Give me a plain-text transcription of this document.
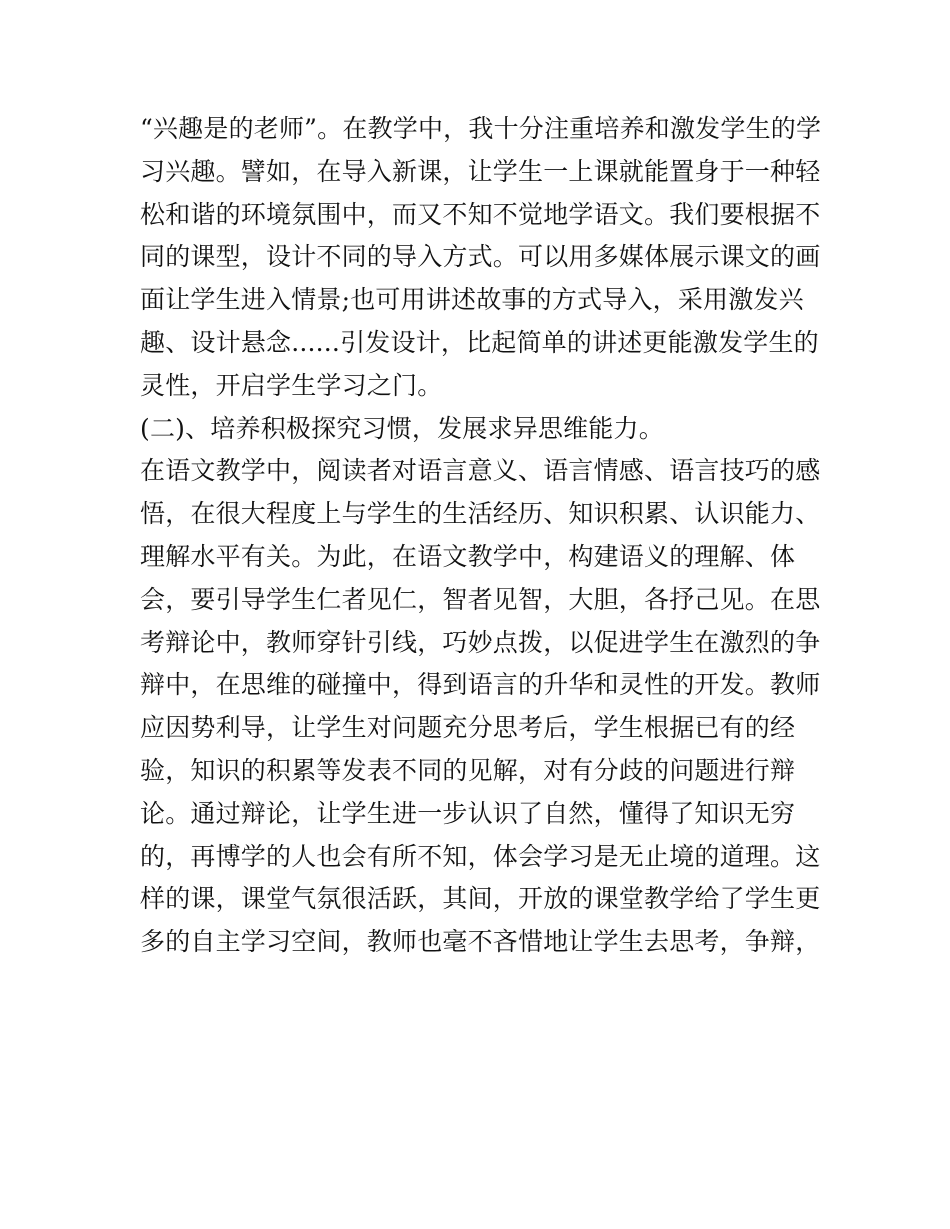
“兴趣是的老师”。在教学中，我十分注重培养和激发学生的学
习兴趣。譬如，在导入新课，让学生一上课就能置身于一种轻
松和谐的环境氛围中，而又不知不觉地学语文。我们要根据不
同的课型，设计不同的导入方式。可以用多媒体展示课文的画
面让学生进入情景;也可用讲述故事的方式导入，采用激发兴
趣、设计悬念......引发设计，比起简单的讲述更能激发学生的
灵性，开启学生学习之门。
(二)、培养积极探究习惯，发展求异思维能力。
在语文教学中，阅读者对语言意义、语言情感、语言技巧的感
悟，在很大程度上与学生的生活经历、知识积累、认识能力、
理解水平有关。为此，在语文教学中，构建语义的理解、体
会，要引导学生仁者见仁，智者见智，大胆，各抒己见。在思
考辩论中，教师穿针引线，巧妙点拨，以促进学生在激烈的争
辩中，在思维的碰撞中，得到语言的升华和灵性的开发。教师
应因势利导，让学生对问题充分思考后，学生根据已有的经
验，知识的积累等发表不同的见解，对有分歧的问题进行辩
论。通过辩论，让学生进一步认识了自然，懂得了知识无穷
的，再博学的人也会有所不知，体会学习是无止境的道理。这
样的课，课堂气氛很活跃，其间，开放的课堂教学给了学生更
多的自主学习空间，教师也毫不吝惜地让学生去思考，争辩，
